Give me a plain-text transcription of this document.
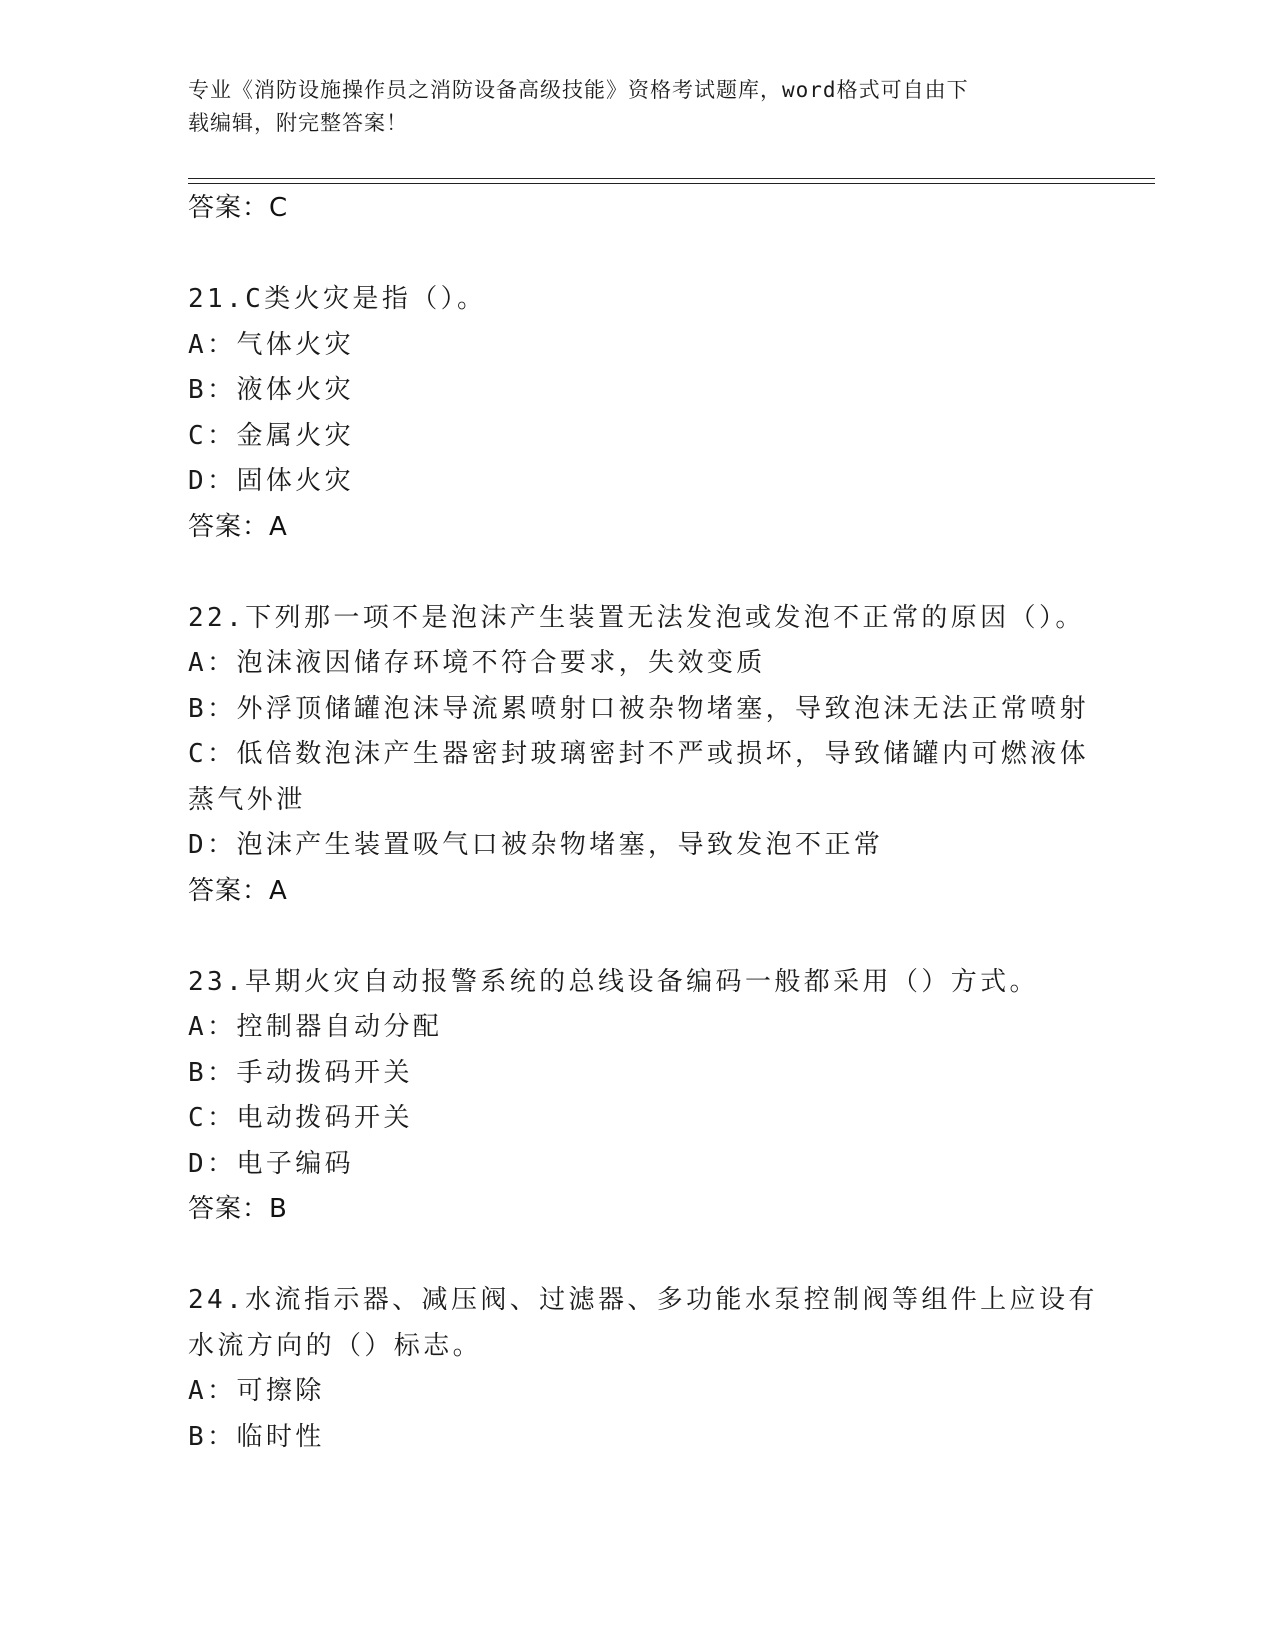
专业《消防设施操作员之消防设备高级技能》资格考试题库，word格式可自由下
载编辑，附完整答案！
答案：C
21.C类火灾是指（）。
A：气体火灾
B：液体火灾
C：金属火灾
D：固体火灾
答案：A
22.下列那一项不是泡沫产生装置无法发泡或发泡不正常的原因（）。
A：泡沫液因储存环境不符合要求，失效变质
B：外浮顶储罐泡沫导流累喷射口被杂物堵塞，导致泡沫无法正常喷射
C：低倍数泡沫产生器密封玻璃密封不严或损坏，导致储罐内可燃液体
蒸气外泄
D：泡沫产生装置吸气口被杂物堵塞，导致发泡不正常
答案：A
23.早期火灾自动报警系统的总线设备编码一般都采用（）方式。
A：控制器自动分配
B：手动拨码开关
C：电动拨码开关
D：电子编码
答案：B
24.水流指示器、减压阀、过滤器、多功能水泵控制阀等组件上应设有
水流方向的（）标志。
A：可擦除
B：临时性
